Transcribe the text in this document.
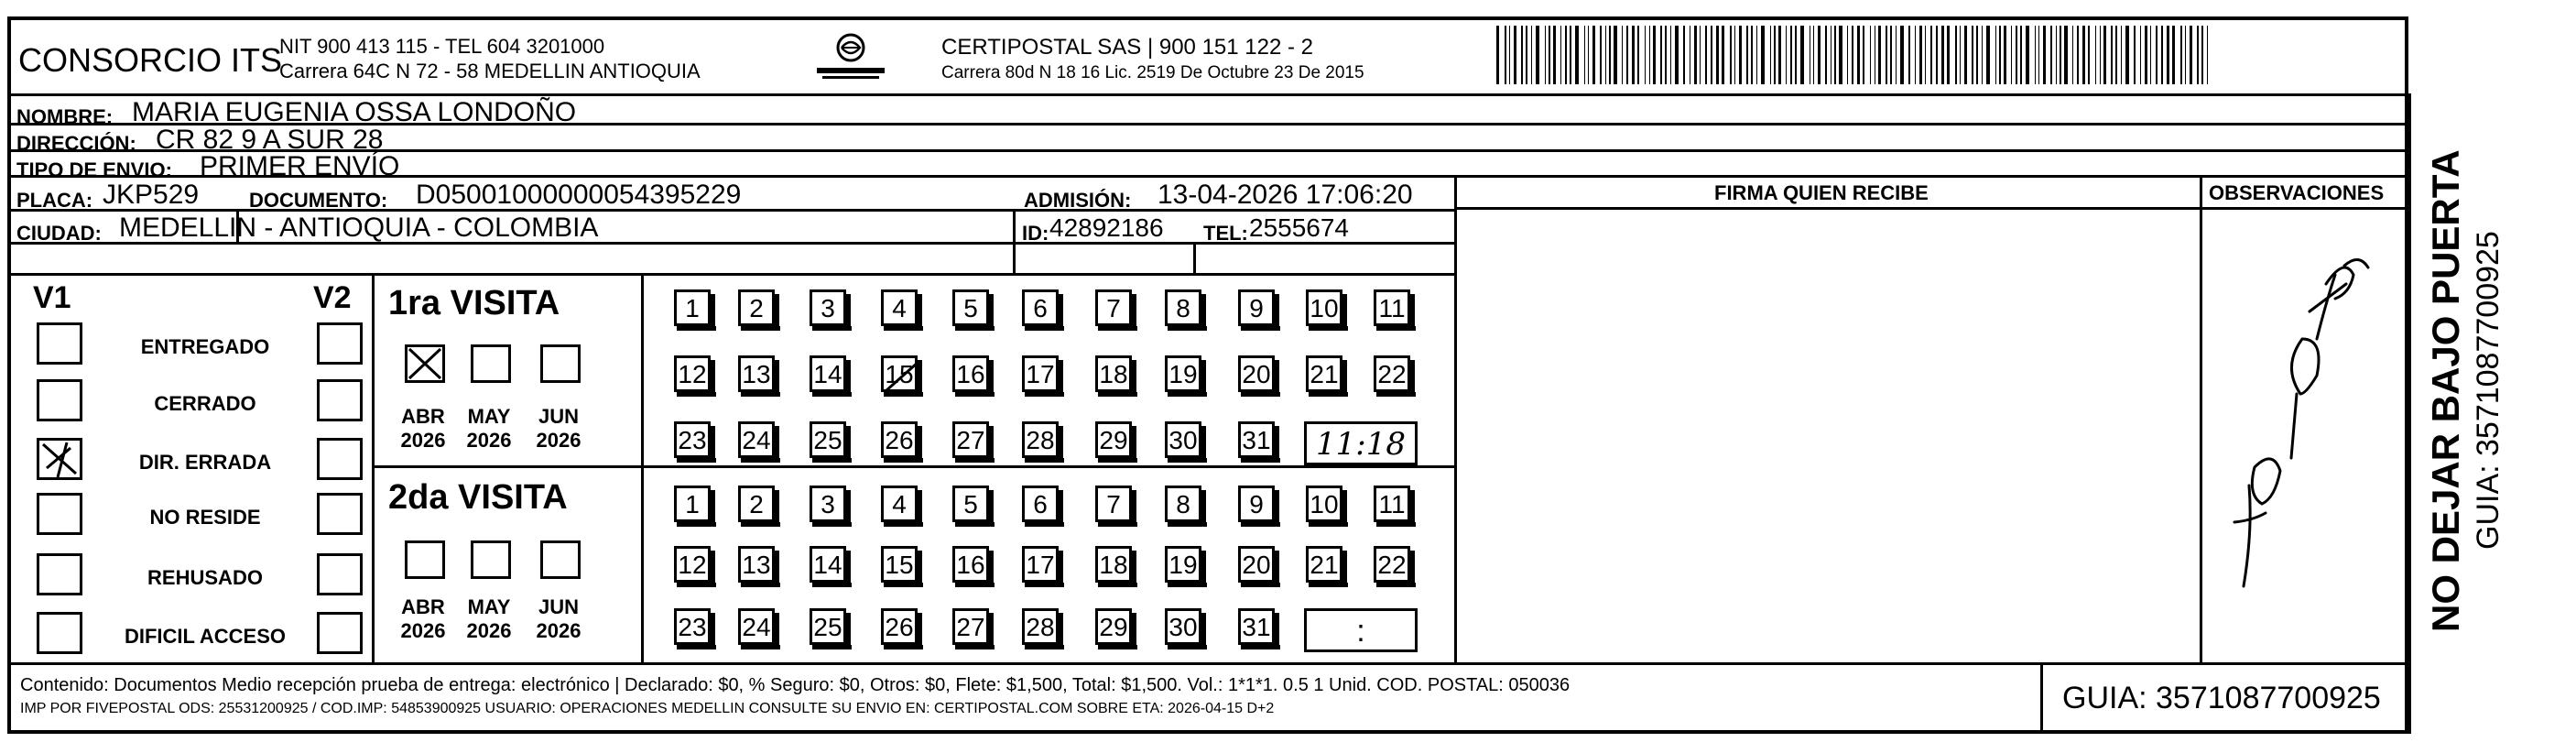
CONSORCIO ITS
NIT 900 413 115 - TEL 604 3201000
Carrera 64C N 72 - 58 MEDELLIN ANTIOQUIA
CERTIPOSTAL SAS | 900 151 122 - 2
Carrera 80d N 18 16 Lic. 2519 De Octubre 23 De 2015
NOMBRE: MARIA EUGENIA OSSA LONDOÑO
DIRECCIÓN: CR 82 9 A SUR 28
TIPO DE ENVIO: PRIMER ENVÍO
PLACA: JKP529 DOCUMENTO: D05001000000054395229	ADMISIÓN: 13-04-2026 17:06:20
CIUDAD: MEDELLIN - ANTIOQUIA - COLOMBIA	ID: 42892186 TEL: 2555674
FIRMA QUIEN RECIBE	OBSERVACIONES NO DEJAR BAJO PUERTA GUIA: 3571087700925
V1	V2
ENTREGADO
CERRADO
DIR. ERRADA
NO RESIDE
REHUSADO
DIFICIL ACCESO
1ra VISITA
2da VISITA
ABR
2026
MAY
2026
JUN
2026
ABR
2026
MAY
2026
JUN
2026
1	2	3	4	5	6	7	8	9	10 11
12 13 14 15 16 17 18 19 20 21 22
23 24 25 26 27 28 29 30 31	11:18
1	2	3	4	5	6	7	8	9	10 11
12 13 14 15 16 17 18 19 20 21 22
23 24 25 26 27 28 29 30 31	:
Contenido: Documentos Medio recepción prueba de entrega: electrónico | Declarado: $0, % Seguro: $0, Otros: $0, Flete: $1,500, Total: $1,500. Vol.: 1*1*1. 0.5 1 Unid. COD. POSTAL: 050036
IMP POR FIVEPOSTAL ODS: 25531200925 / COD.IMP: 54853900925 USUARIO: OPERACIONES MEDELLIN CONSULTE SU ENVIO EN: CERTIPOSTAL.COM SOBRE ETA: 2026-04-15 D+2	GUIA: 3571087700925
